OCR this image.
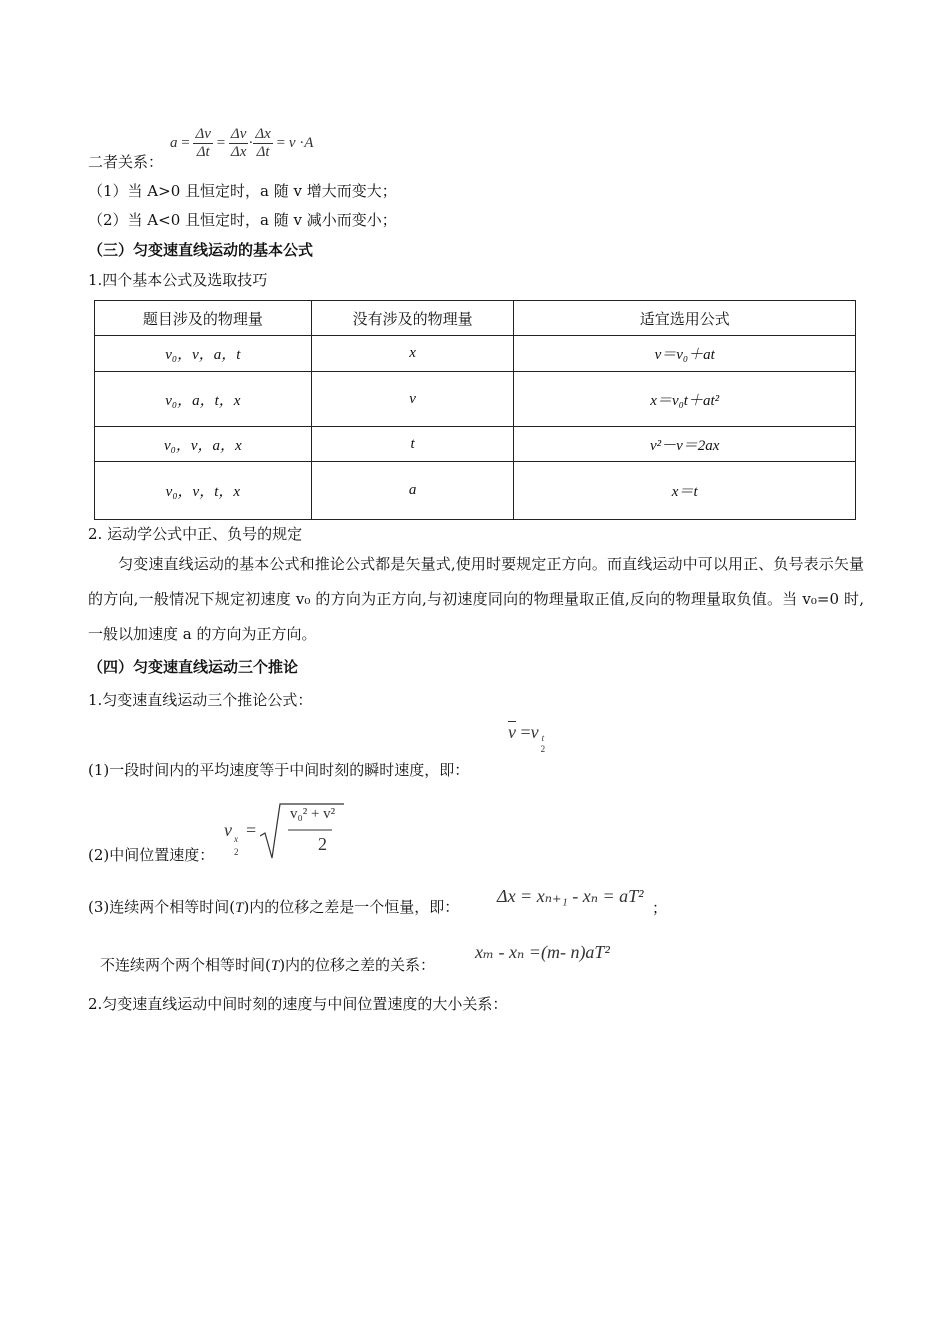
$a = \frac{\Delta v}{\Delta t} = \frac{\Delta v}{\Delta x} \cdot \frac{\Delta x}{\Delta t} = v \cdot A$
二者关系：
（1）当 A>0 且恒定时，a 随 v 增大而变大；
（2）当 A<0 且恒定时，a 随 v 减小而变小；
（三）匀变速直线运动的基本公式
1.四个基本公式及选取技巧
题目涉及的物理量	没有涉及的物理量	适宜选用公式
v₀，v，a，t	x	v＝v₀＋at
v₀，a，t，x	v	x＝v₀t＋at²
v₀，v，a，x	t	v²－v＝2ax
v₀，v，t，x	a	x＝t
2. 运动学公式中正、负号的规定
匀变速直线运动的基本公式和推论公式都是矢量式,使用时要规定正方向。而直线运动中可以用正、负号表示矢量的方向,一般情况下规定初速度 v₀ 的方向为正方向,与初速度同向的物理量取正值,反向的物理量取负值。当 v₀=0 时,一般以加速度 a 的方向为正方向。
（四）匀变速直线运动三个推论
1.匀变速直线运动三个推论公式：
$\overline{v} =v$ t
2
(1)一段时间内的平均速度等于中间时刻的瞬时速度，即：
v x
2
=
v₀² + v²
2
(2)中间位置速度：
(3)连续两个相等时间(T)内的位移之差是一个恒量，即：
Δx = xₙ₊₁ - xₙ = aT²
；
不连续两个两个相等时间(T)内的位移之差的关系：
xₘ - xₙ =(m- n)aT²
2.匀变速直线运动中间时刻的速度与中间位置速度的大小关系：
